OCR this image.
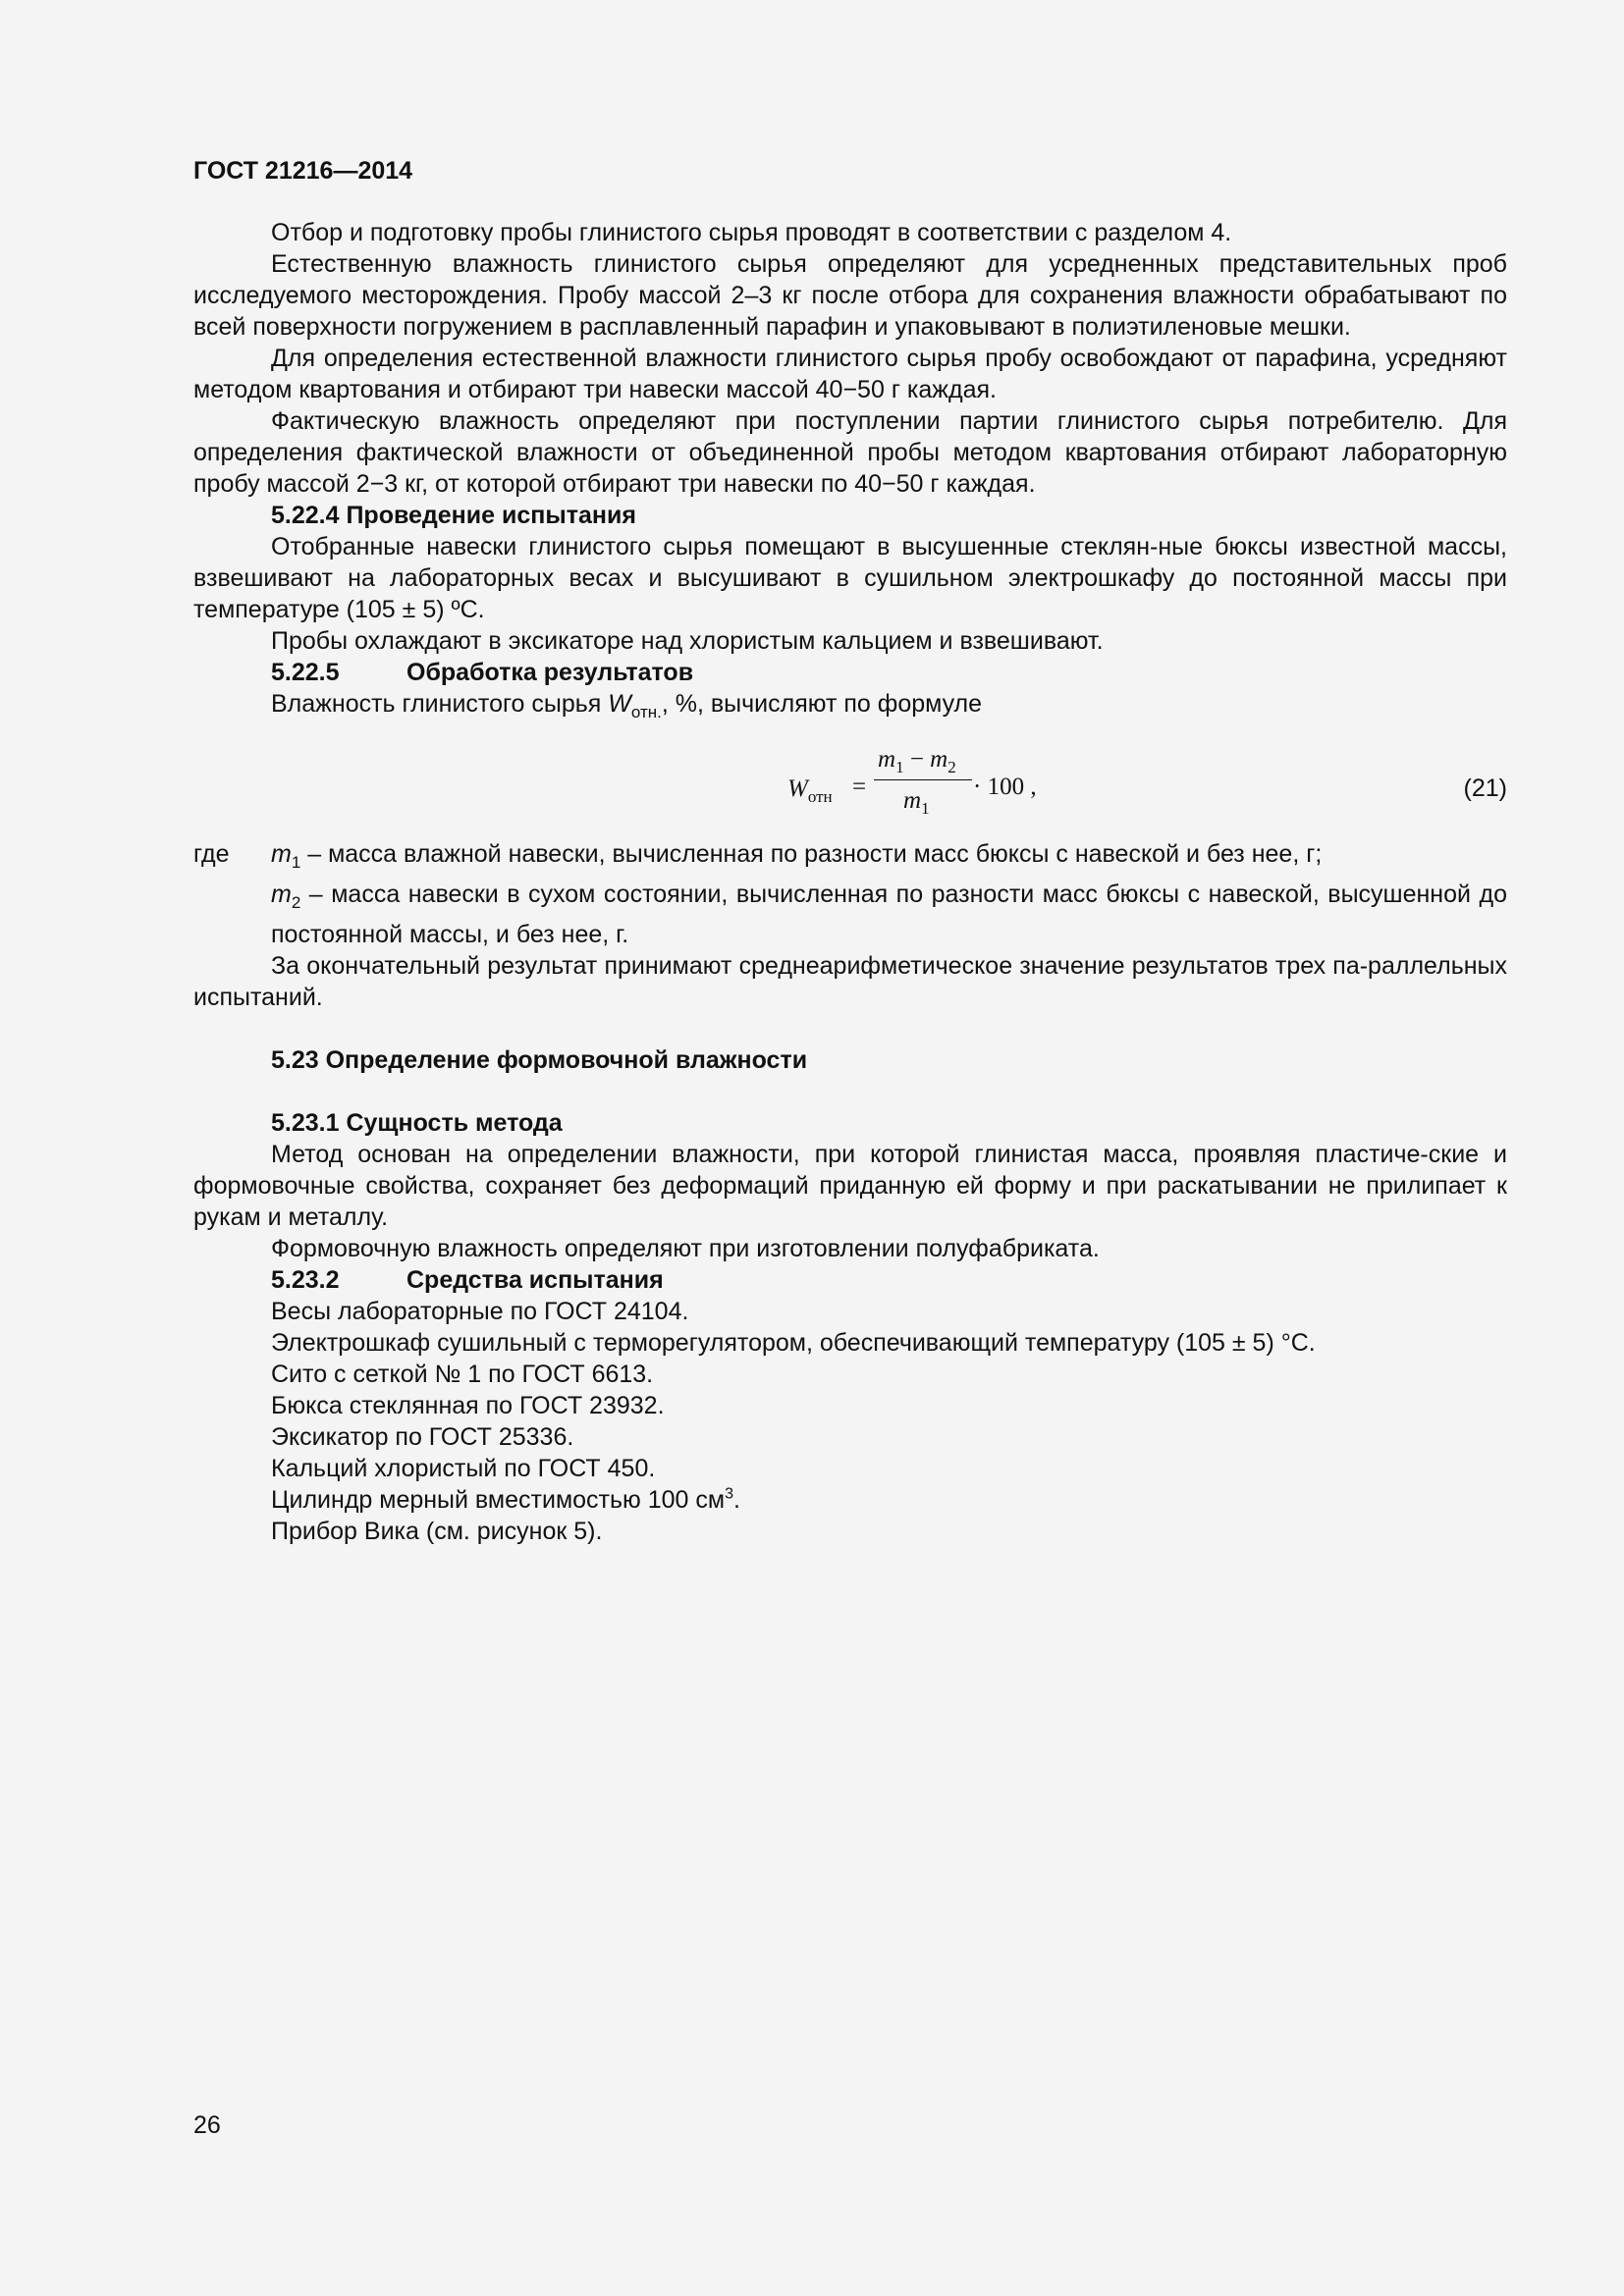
ГОСТ 21216—2014

Отбор и подготовку пробы глинистого сырья проводят в соответствии с разделом 4.

Естественную влажность глинистого сырья определяют для усредненных представительных проб исследуемого месторождения. Пробу массой 2–3 кг после отбора для сохранения влажности обрабатывают по всей поверхности погружением в расплавленный парафин и упаковывают в полиэтиленовые мешки.

Для определения естественной влажности глинистого сырья пробу освобождают от парафина, усредняют методом квартования и отбирают три навески массой 40−50 г каждая.

Фактическую влажность определяют при поступлении партии глинистого сырья потребителю. Для определения фактической влажности от объединенной пробы методом квартования отбирают лабораторную пробу массой 2−3 кг, от которой отбирают три навески по 40−50 г каждая.

5.22.4 Проведение испытания

Отобранные навески глинистого сырья помещают в высушенные стеклян-ные бюксы известной массы, взвешивают на лабораторных весах и высушивают в сушильном электрошкафу до постоянной массы при температуре (105 ± 5) ºС.

Пробы охлаждают в эксикаторе над хлористым кальцием и взвешивают.

5.22.5	Обработка результатов

Влажность глинистого сырья $W_{отн.}$, %, вычисляют по формуле

$W_{отн}$ =
$m_1 - m_2$
$m_1$
· 100 ,	(21)

где $m_1$ – масса влажной навески, вычисленная по разности масс бюксы с навеской и без нее, г;

$m_2$ – масса навески в сухом состоянии, вычисленная по разности масс бюксы с навеской, высушенной до постоянной массы, и без нее, г.

За окончательный результат принимают среднеарифметическое значение результатов трех па-раллельных испытаний.

5.23 Определение формовочной влажности

5.23.1 Сущность метода

Метод основан на определении влажности, при которой глинистая масса, проявляя пластиче-ские и формовочные свойства, сохраняет без деформаций приданную ей форму и при раскатывании не прилипает к рукам и металлу.

Формовочную влажность определяют при изготовлении полуфабриката.

5.23.2	Средства испытания

Весы лабораторные по ГОСТ 24104.

Электрошкаф сушильный с терморегулятором, обеспечивающий температуру (105 ± 5) °С.

Сито с сеткой № 1 по ГОСТ 6613.

Бюкса стеклянная по ГОСТ 23932.

Эксикатор по ГОСТ 25336.

Кальций хлористый по ГОСТ 450.

Цилиндр мерный вместимостью 100 $см^3$.

Прибор Вика (см. рисунок 5).

26
